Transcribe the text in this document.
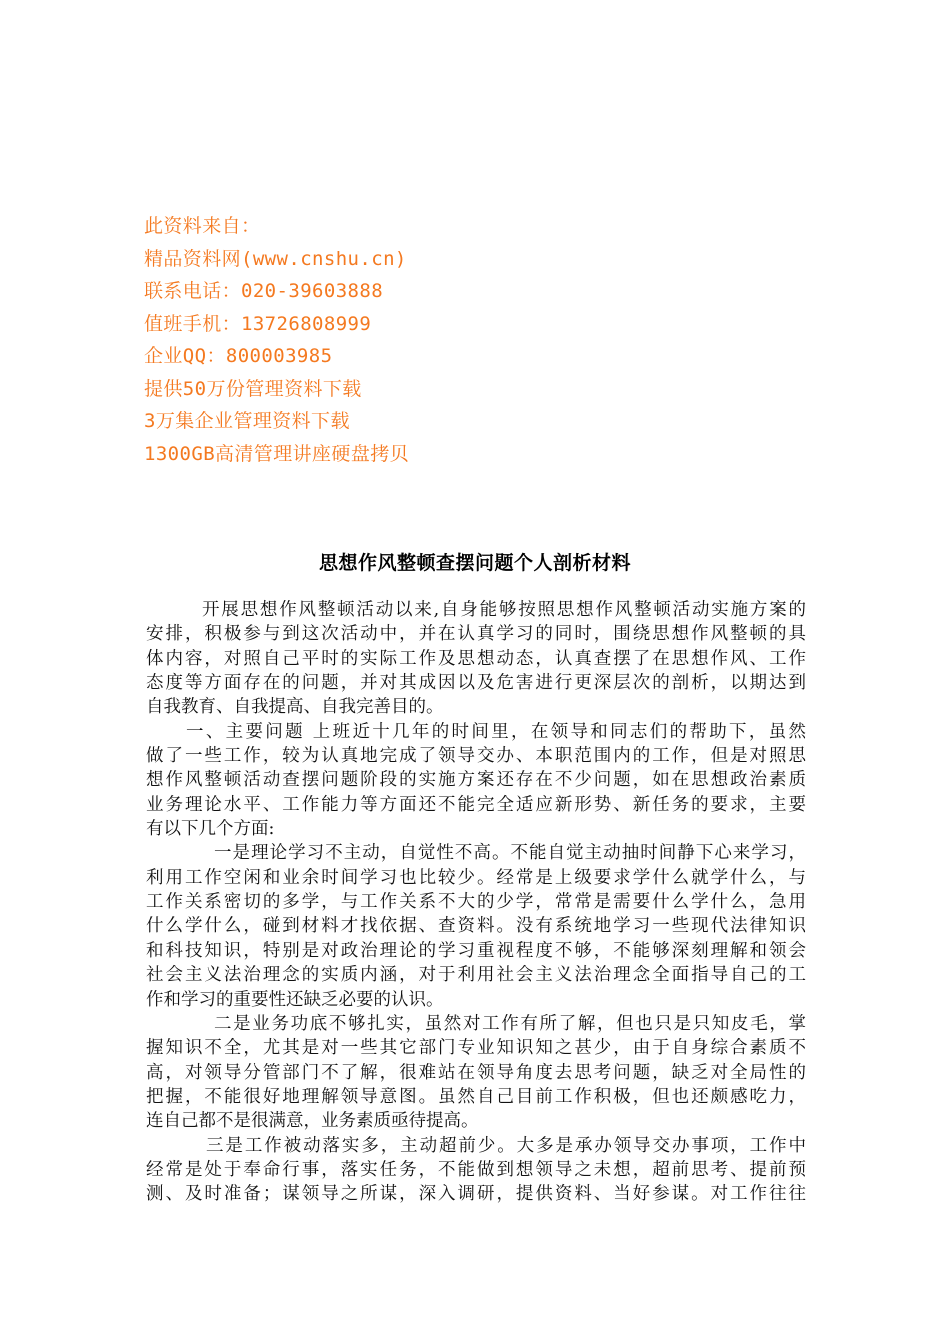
此资料来自：
精品资料网(www.cnshu.cn)
联系电话：020-39603888
值班手机：13726808999
企业QQ：800003985
提供50万份管理资料下载
3万集企业管理资料下载
1300GB高清管理讲座硬盘拷贝
思想作风整顿查摆问题个人剖析材料
开展思想作风整顿活动以来,自身能够按照思想作风整顿活动实施方案的
安排，积极参与到这次活动中，并在认真学习的同时，围绕思想作风整顿的具
体内容，对照自己平时的实际工作及思想动态，认真查摆了在思想作风、工作
态度等方面存在的问题，并对其成因以及危害进行更深层次的剖析，以期达到
自我教育、自我提高、自我完善目的。
一、主要问题 上班近十几年的时间里，在领导和同志们的帮助下，虽然
做了一些工作，较为认真地完成了领导交办、本职范围内的工作，但是对照思
想作风整顿活动查摆问题阶段的实施方案还存在不少问题，如在思想政治素质
业务理论水平、工作能力等方面还不能完全适应新形势、新任务的要求，主要
有以下几个方面:
一是理论学习不主动，自觉性不高。不能自觉主动抽时间静下心来学习，
利用工作空闲和业余时间学习也比较少。经常是上级要求学什么就学什么，与
工作关系密切的多学，与工作关系不大的少学，常常是需要什么学什么，急用
什么学什么，碰到材料才找依据、查资料。没有系统地学习一些现代法律知识
和科技知识，特别是对政治理论的学习重视程度不够，不能够深刻理解和领会
社会主义法治理念的实质内涵，对于利用社会主义法治理念全面指导自己的工
作和学习的重要性还缺乏必要的认识。
二是业务功底不够扎实，虽然对工作有所了解，但也只是只知皮毛，掌
握知识不全，尤其是对一些其它部门专业知识知之甚少，由于自身综合素质不
高，对领导分管部门不了解，很难站在领导角度去思考问题，缺乏对全局性的
把握，不能很好地理解领导意图。虽然自己目前工作积极，但也还颇感吃力，
连自己都不是很满意，业务素质亟待提高。
三是工作被动落实多，主动超前少。大多是承办领导交办事项，工作中
经常是处于奉命行事，落实任务，不能做到想领导之未想，超前思考、提前预
测、及时准备；谋领导之所谋，深入调研，提供资料、当好参谋。对工作往往
